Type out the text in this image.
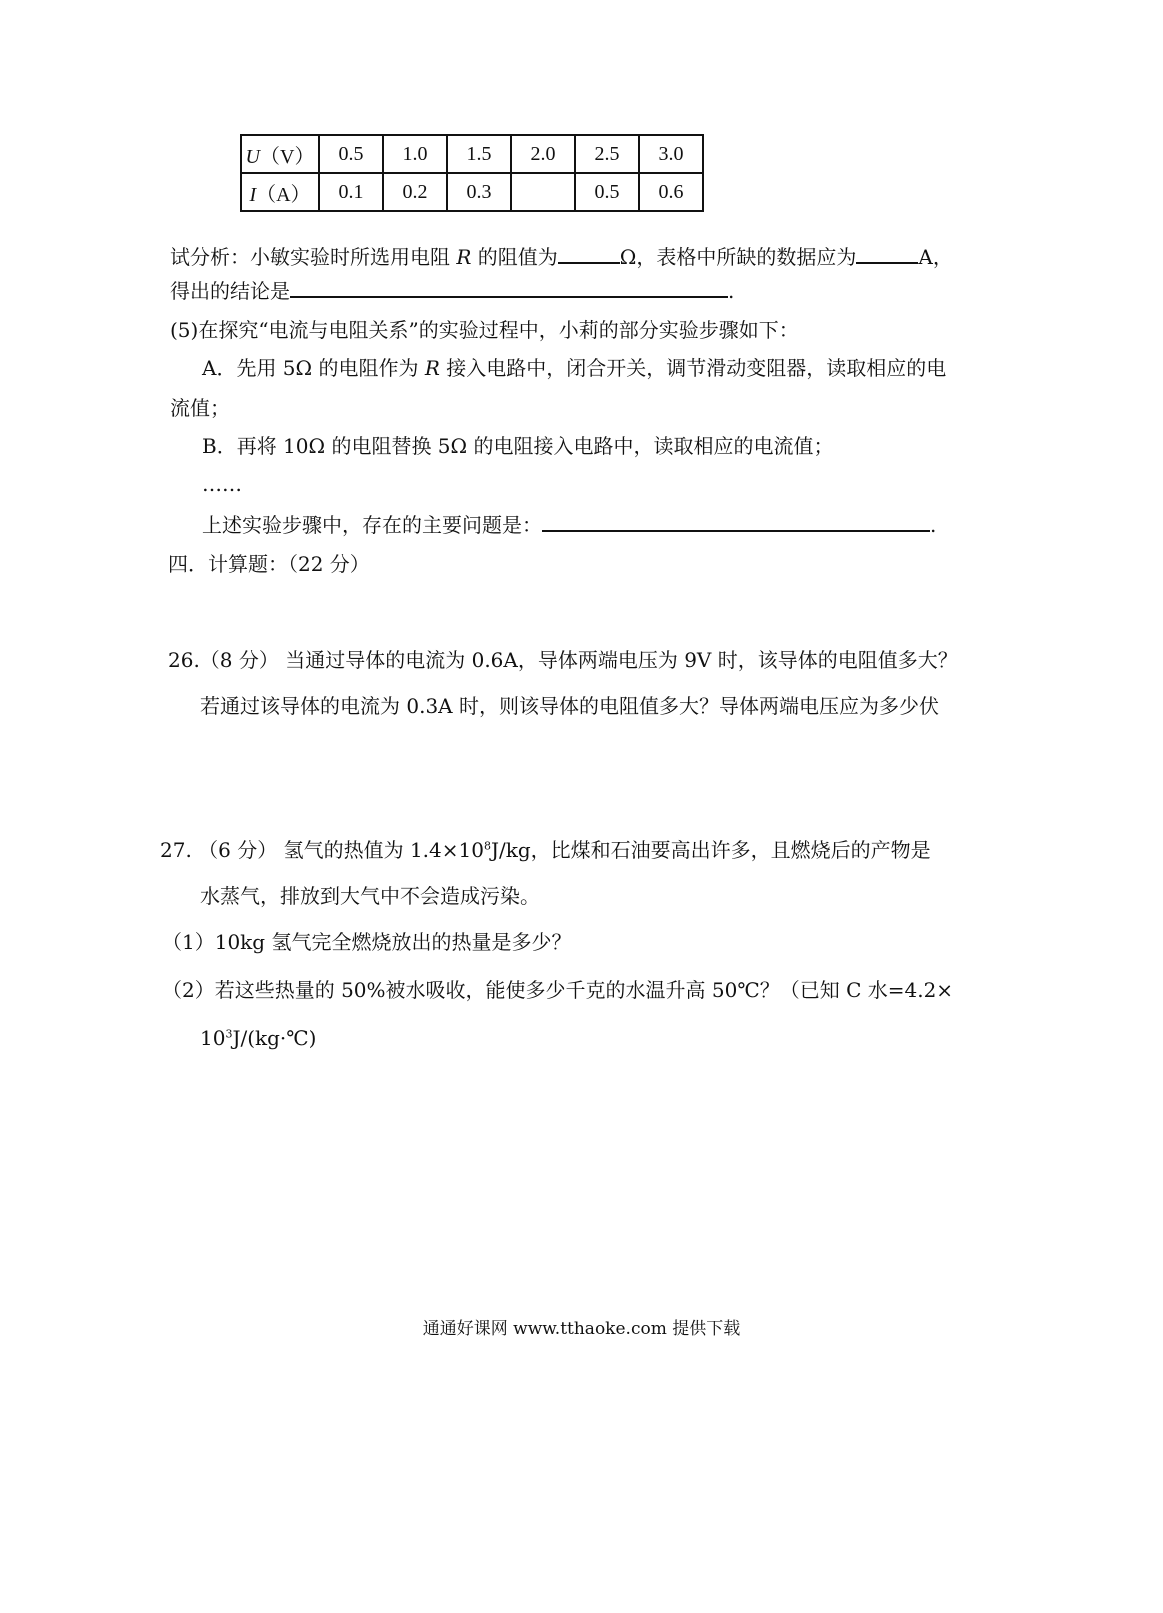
U（V）	0.5	1.0	1.5	2.0	2.5	3.0
I（A）	0.1	0.2	0.3		0.5	0.6
试分析：小敏实验时所选用电阻 R 的阻值为	Ω，表格中所缺的数据应为	A，
得出的结论是	.
(5)在探究“电流与电阻关系”的实验过程中，小莉的部分实验步骤如下：
A．先用 5Ω 的电阻作为 R 接入电路中，闭合开关，调节滑动变阻器，读取相应的电
流值；
B．再将 10Ω 的电阻替换 5Ω 的电阻接入电路中，读取相应的电流值；
……
上述实验步骤中，存在的主要问题是：	.
四．计算题：（22 分）
26.（8 分） 当通过导体的电流为 0.6A，导体两端电压为 9V 时，该导体的电阻值多大？
若通过该导体的电流为 0.3A 时，则该导体的电阻值多大？导体两端电压应为多少伏
27. （6 分） 氢气的热值为 $1.4\times 10^8J/kg$，比煤和石油要高出许多，且燃烧后的产物是
水蒸气，排放到大气中不会造成污染。
（1）10kg 氢气完全燃烧放出的热量是多少？
（2）若这些热量的 50%被水吸收，能使多少千克的水温升高 50℃？（已知 C 水=4.2×
$10^3J/(kg\cdot℃)$
通通好课网 www.tthaoke.com 提供下载
